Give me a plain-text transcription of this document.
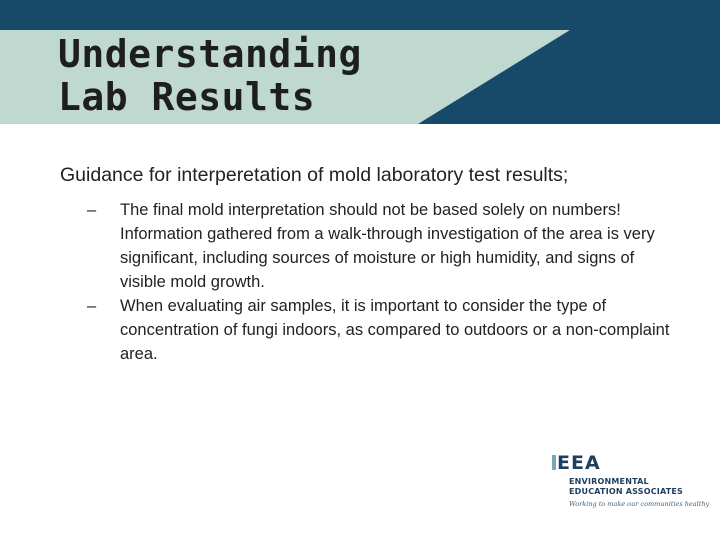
Understanding
Lab Results

Guidance for interperetation of mold laboratory test results;

– The final mold interpretation should not be based solely on numbers! Information gathered from a walk-through investigation of the area is very significant, including sources of moisture or high humidity, and signs of visible mold growth.
– When evaluating air samples, it is important to consider the type of concentration of fungi indoors, as compared to outdoors or a non-complaint area.
EEA
ENVIRONMENTAL
EDUCATION ASSOCIATES
Working to make our communities healthy
